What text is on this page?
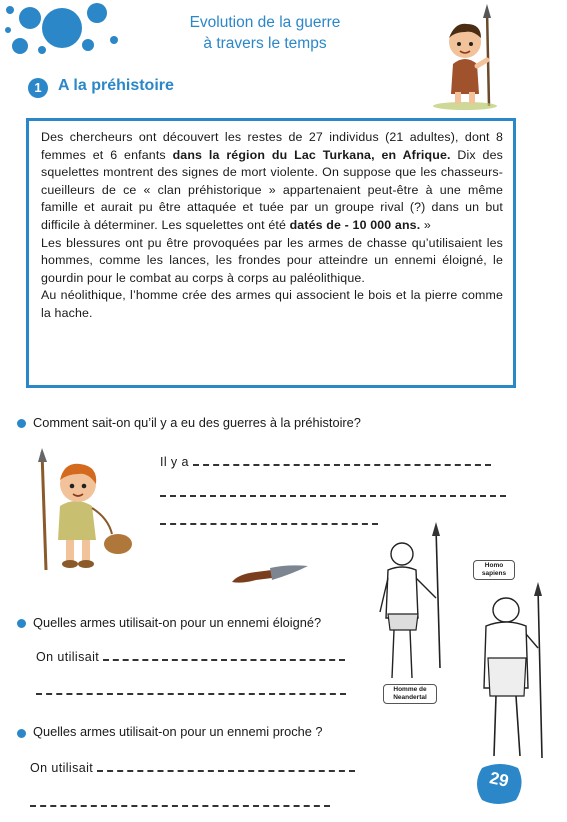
Evolution de la guerre
à travers le temps
1	A la préhistoire

Des chercheurs ont découvert les restes de 27 individus (21 adultes), dont 8 femmes et 6 enfants dans la région du Lac Turkana, en Afrique. Dix des squelettes montrent des signes de mort violente. On suppose que les chasseurs-cueilleurs de ce « clan préhistorique » appartenaient peut-être à une même famille et aurait pu être attaquée et tuée par un groupe rival (?) dans un but difficile à déterminer. Les squelettes ont été datés de - 10 000 ans. »

Les blessures ont pu être provoquées par les armes de chasse qu’utilisaient les hommes, comme les lances, les frondes pour atteindre un ennemi éloigné, le gourdin pour le combat au corps à corps au paléolithique.

Au néolithique, l’homme crée des armes qui associent le bois et la pierre comme la hache.

Comment sait-on qu’il y a eu des guerres à la préhistoire?
Il y a
Homo sapiens
Homme de Neandertal
Quelles armes utilisait-on pour un ennemi éloigné?
On utilisait
Quelles armes utilisait-on pour un ennemi proche ?
On utilisait
29
